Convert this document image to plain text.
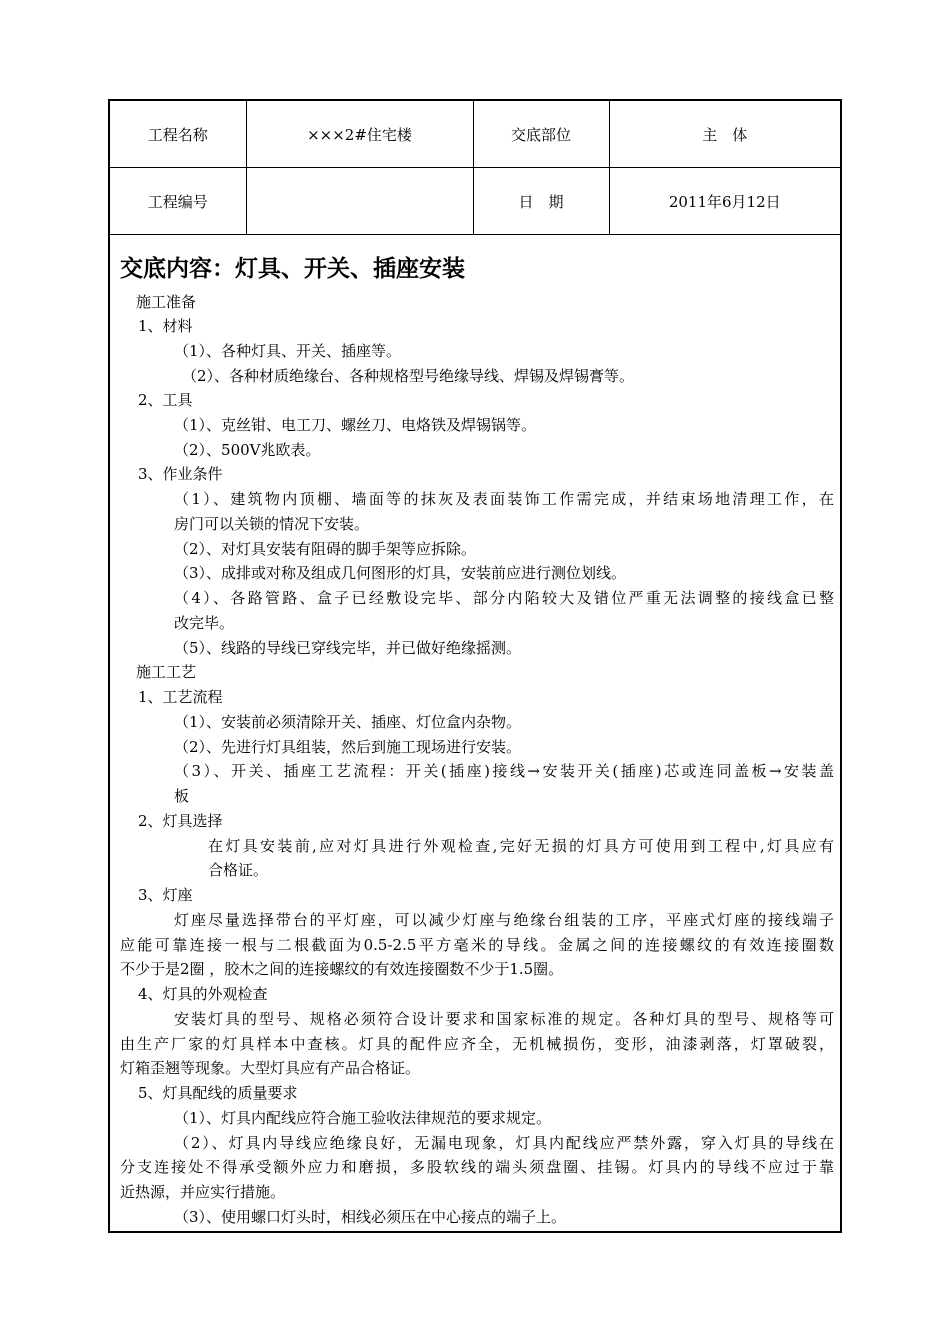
工程名称	×××2#住宅楼	交底部位	主　体
工程编号		日　期	2011年6月12日
交底内容：灯具、开关、插座安装
施工准备
1、材料
（1）、各种灯具、开关、插座等。
（2）、各种材质绝缘台、各种规格型号绝缘导线、焊锡及焊锡膏等。
2、工具
（1）、克丝钳、电工刀、螺丝刀、电烙铁及焊锡锅等。
（2）、500V兆欧表。
3、作业条件
（1）、建筑物内顶棚、墙面等的抹灰及表面装饰工作需完成，并结束场地清理工作，在
房门可以关锁的情况下安装。
（2）、对灯具安装有阻碍的脚手架等应拆除。
（3）、成排或对称及组成几何图形的灯具，安装前应进行测位划线。
（4）、各路管路、盒子已经敷设完毕、部分内陷较大及错位严重无法调整的接线盒已整
改完毕。
（5）、线路的导线已穿线完毕，并已做好绝缘摇测。
施工工艺
1、工艺流程
（1）、安装前必须清除开关、插座、灯位盒内杂物。
（2）、先进行灯具组装，然后到施工现场进行安装。
（3）、开关、插座工艺流程：开关(插座)接线→安装开关(插座)芯或连同盖板→安装盖
板
2、灯具选择
在灯具安装前,应对灯具进行外观检查,完好无损的灯具方可使用到工程中,灯具应有
合格证。
3、灯座
灯座尽量选择带台的平灯座，可以减少灯座与绝缘台组装的工序，平座式灯座的接线端子
应能可靠连接一根与二根截面为0.5-2.5平方毫米的导线。金属之间的连接螺纹的有效连接圈数
不少于是2圈 ，胶木之间的连接螺纹的有效连接圈数不少于1.5圈。
4、灯具的外观检查
安装灯具的型号、规格必须符合设计要求和国家标准的规定。各种灯具的型号、规格等可
由生产厂家的灯具样本中查核。灯具的配件应齐全，无机械损伤，变形，油漆剥落，灯罩破裂，
灯箱歪翘等现象。大型灯具应有产品合格证。
5、灯具配线的质量要求
（1）、灯具内配线应符合施工验收法律规范的要求规定。
（2）、灯具内导线应绝缘良好，无漏电现象，灯具内配线应严禁外露，穿入灯具的导线在
分支连接处不得承受额外应力和磨损，多股软线的端头须盘圈、挂锡。灯具内的导线不应过于靠
近热源，并应实行措施。
（3）、使用螺口灯头时，相线必须压在中心接点的端子上。
